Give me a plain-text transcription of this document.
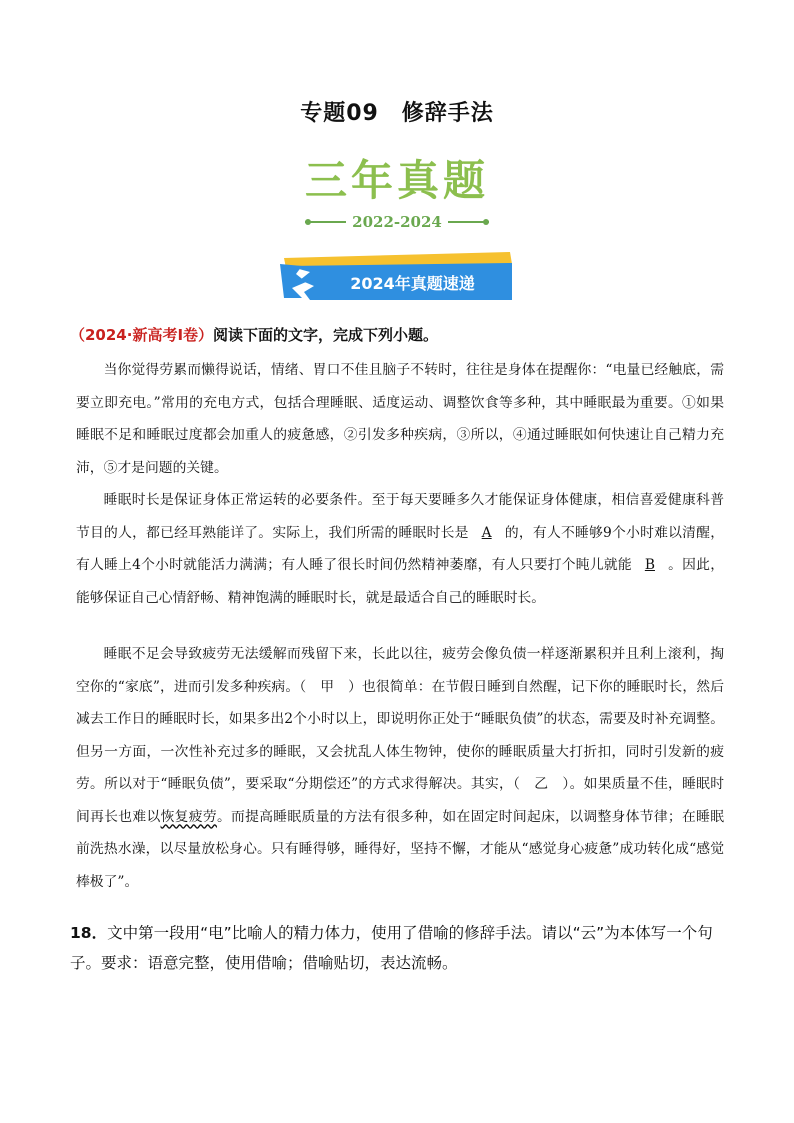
专题09　修辞手法
三年真题
2022-2024
2024年真题速递
（2024·新高考I卷）阅读下面的文字，完成下列小题。

当你觉得劳累而懒得说话，情绪、胃口不佳且脑子不转时，往往是身体在提醒你：“电量已经触底，需要立即充电。”常用的充电方式，包括合理睡眠、适度运动、调整饮食等多种，其中睡眠最为重要。①如果睡眠不足和睡眠过度都会加重人的疲惫感，②引发多种疾病，③所以，④通过睡眠如何快速让自己精力充沛，⑤才是问题的关键。

睡眠时长是保证身体正常运转的必要条件。至于每天要睡多久才能保证身体健康，相信喜爱健康科普节目的人，都已经耳熟能详了。实际上，我们所需的睡眠时长是 A 的，有人不睡够9个小时难以清醒，有人睡上4个小时就能活力满满；有人睡了很长时间仍然精神萎靡，有人只要打个盹儿就能 B 。因此，能够保证自己心情舒畅、精神饱满的睡眠时长，就是最适合自己的睡眠时长。

睡眠不足会导致疲劳无法缓解而残留下来，长此以往，疲劳会像负债一样逐渐累积并且利上滚利，掏空你的“家底”，进而引发多种疾病。（　甲　）也很简单：在节假日睡到自然醒，记下你的睡眠时长，然后减去工作日的睡眠时长，如果多出2个小时以上，即说明你正处于“睡眠负债”的状态，需要及时补充调整。但另一方面，一次性补充过多的睡眠，又会扰乱人体生物钟，使你的睡眠质量大打折扣，同时引发新的疲劳。所以对于“睡眠负债”，要采取“分期偿还”的方式求得解决。其实，（　乙　）。如果质量不佳，睡眠时间再长也难以恢复疲劳。而提高睡眠质量的方法有很多种，如在固定时间起床，以调整身体节律；在睡眠前洗热水澡，以尽量放松身心。只有睡得够，睡得好，坚持不懈，才能从“感觉身心疲惫”成功转化成“感觉棒极了”。

18．文中第一段用“电”比喻人的精力体力，使用了借喻的修辞手法。请以“云”为本体写一个句子。要求：语意完整，使用借喻；借喻贴切，表达流畅。
